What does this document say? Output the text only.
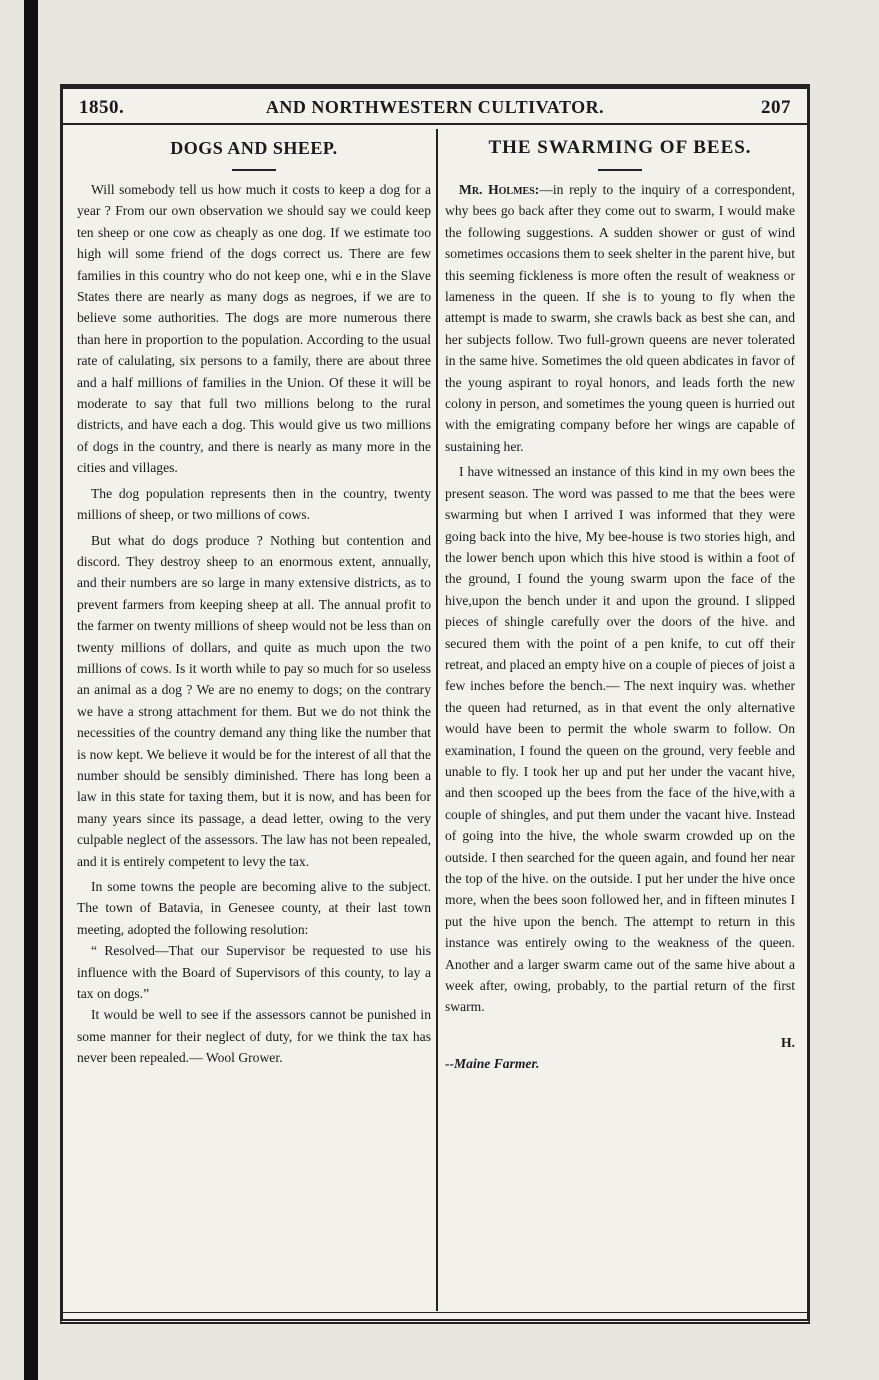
1850.	AND NORTHWESTERN CULTIVATOR.	207
DOGS AND SHEEP.

Will somebody tell us how much it costs to keep a dog for a year ? From our own observation we should say we could keep ten sheep or one cow as cheaply as one dog. If we estimate too high will some friend of the dogs correct us. There are few families in this country who do not keep one, whi e in the Slave States there are nearly as many dogs as negroes, if we are to believe some authorities. The dogs are more numerous there than here in proportion to the population. According to the usual rate of calulating, six persons to a family, there are about three and a half millions of families in the Union. Of these it will be moderate to say that full two millions belong to the rural districts, and have each a dog. This would give us two millions of dogs in the country, and there is nearly as many more in the cities and villages.

The dog population represents then in the country, twenty millions of sheep, or two millions of cows.

But what do dogs produce ? Nothing but contention and discord. They destroy sheep to an enormous extent, annually, and their numbers are so large in many extensive districts, as to prevent farmers from keeping sheep at all. The annual profit to the farmer on twenty millions of sheep would not be less than on twenty millions of dollars, and quite as much upon the two millions of cows. Is it worth while to pay so much for so useless an animal as a dog ? We are no enemy to dogs; on the contrary we have a strong attachment for them. But we do not think the necessities of the country demand any thing like the number that is now kept. We believe it would be for the interest of all that the number should be sensibly diminished. There has long been a law in this state for taxing them, but it is now, and has been for many years since its passage, a dead letter, owing to the very culpable neglect of the assessors. The law has not been repealed, and it is entirely competent to levy the tax.

In some towns the people are becoming alive to the subject. The town of Batavia, in Genesee county, at their last town meeting, adopted the following resolution:

“ Resolved—That our Supervisor be requested to use his influence with the Board of Supervisors of this county, to lay a tax on dogs.”

It would be well to see if the assessors cannot be punished in some manner for their neglect of duty, for we think the tax has never been repealed.— Wool Grower.

THE SWARMING OF BEES.

Mr. Holmes:—in reply to the inquiry of a correspondent, why bees go back after they come out to swarm, I would make the following suggestions. A sudden shower or gust of wind sometimes occasions them to seek shelter in the parent hive, but this seeming fickleness is more often the result of weakness or lameness in the queen. If she is to young to fly when the attempt is made to swarm, she crawls back as best she can, and her subjects follow. Two full-grown queens are never tolerated in the same hive. Sometimes the old queen abdicates in favor of the young aspirant to royal honors, and leads forth the new colony in person, and sometimes the young queen is hurried out with the emigrating company before her wings are capable of sustaining her.

I have witnessed an instance of this kind in my own bees the present season. The word was passed to me that the bees were swarming but when I arrived I was informed that they were going back into the hive, My bee-house is two stories high, and the lower bench upon which this hive stood is within a foot of the ground, I found the young swarm upon the face of the hive,upon the bench under it and upon the ground. I slipped pieces of shingle carefully over the doors of the hive. and secured them with the point of a pen knife, to cut off their retreat, and placed an empty hive on a couple of pieces of joist a few inches before the bench.— The next inquiry was. whether the queen had returned, as in that event the only alternative would have been to permit the whole swarm to follow. On examination, I found the queen on the ground, very feeble and unable to fly. I took her up and put her under the vacant hive, and then scooped up the bees from the face of the hive,with a couple of shingles, and put them under the vacant hive. Instead of going into the hive, the whole swarm crowded up on the outside. I then searched for the queen again, and found her near the top of the hive. on the outside. I put her under the hive once more, when the bees soon followed her, and in fifteen minutes I put the hive upon the bench. The attempt to return in this instance was entirely owing to the weakness of the queen. Another and a larger swarm came out of the same hive about a week after, owing, probably, to the partial return of the first swarm.

H.

--Maine Farmer.
